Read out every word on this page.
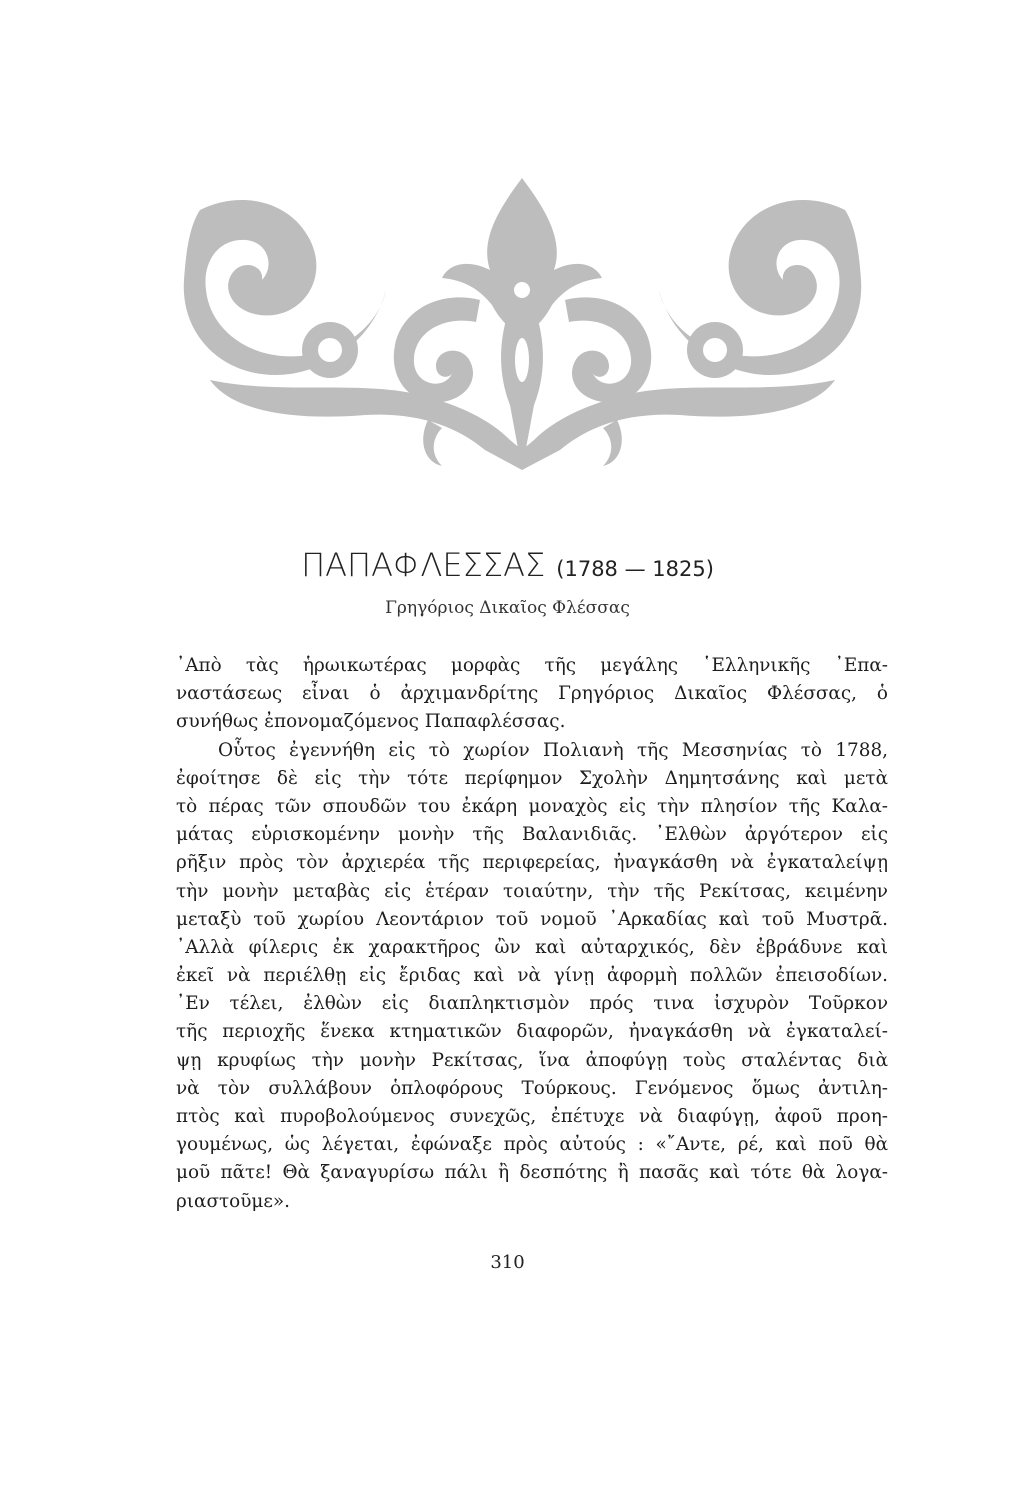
ΠΑΠΑΦΛΕΣΣΑΣ (1788 — 1825)
Γρηγόριος Δικαῖος Φλέσσας
᾿Απὸ τὰς ἡρωικωτέρας μορφὰς τῆς μεγάλης ῾Ελληνικῆς ᾿Επα-
ναστάσεως εἶναι ὁ ἀρχιμανδρίτης Γρηγόριος Δικαῖος Φλέσσας, ὁ
συνήθως ἐπονομαζόμενος Παπαφλέσσας.
Οὗτος ἐγεννήθη εἰς τὸ χωρίον Πολιανὴ τῆς Μεσσηνίας τὸ 1788,
ἐφοίτησε δὲ εἰς τὴν τότε περίφημον Σχολὴν Δημητσάνης καὶ μετὰ
τὸ πέρας τῶν σπουδῶν του ἐκάρη μοναχὸς εἰς τὴν πλησίον τῆς Καλα-
μάτας εὑρισκομένην μονὴν τῆς Βαλανιδιᾶς. ᾿Ελθὼν ἀργότερον εἰς
ρῆξιν πρὸς τὸν ἀρχιερέα τῆς περιφερείας, ἠναγκάσθη νὰ ἐγκαταλείψῃ
τὴν μονὴν μεταβὰς εἰς ἑτέραν τοιαύτην, τὴν τῆς Ρεκίτσας, κειμένην
μεταξὺ τοῦ χωρίου Λεοντάριον τοῦ νομοῦ ᾿Αρκαδίας καὶ τοῦ Μυστρᾶ.
᾿Αλλὰ φίλερις ἐκ χαρακτῆρος ὢν καὶ αὐταρχικός, δὲν ἐβράδυνε καὶ
ἐκεῖ νὰ περιέλθῃ εἰς ἔριδας καὶ νὰ γίνῃ ἀφορμὴ πολλῶν ἐπεισοδίων.
᾿Εν τέλει, ἐλθὼν εἰς διαπληκτισμὸν πρός τινα ἰσχυρὸν Τοῦρκον
τῆς περιοχῆς ἕνεκα κτηματικῶν διαφορῶν, ἠναγκάσθη νὰ ἐγκαταλεί-
ψῃ κρυφίως τὴν μονὴν Ρεκίτσας, ἵνα ἀποφύγῃ τοὺς σταλέντας διὰ
νὰ τὸν συλλάβουν ὁπλοφόρους Τούρκους. Γενόμενος ὅμως ἀντιλη-
πτὸς καὶ πυροβολούμενος συνεχῶς, ἐπέτυχε νὰ διαφύγῃ, ἀφοῦ προη-
γουμένως, ὡς λέγεται, ἐφώναξε πρὸς αὐτούς : «῎Αντε, ρέ, καὶ ποῦ θὰ
μοῦ πᾶτε! Θὰ ξαναγυρίσω πάλι ἢ δεσπότης ἢ πασᾶς καὶ τότε θὰ λογα-
ριαστοῦμε».
310
